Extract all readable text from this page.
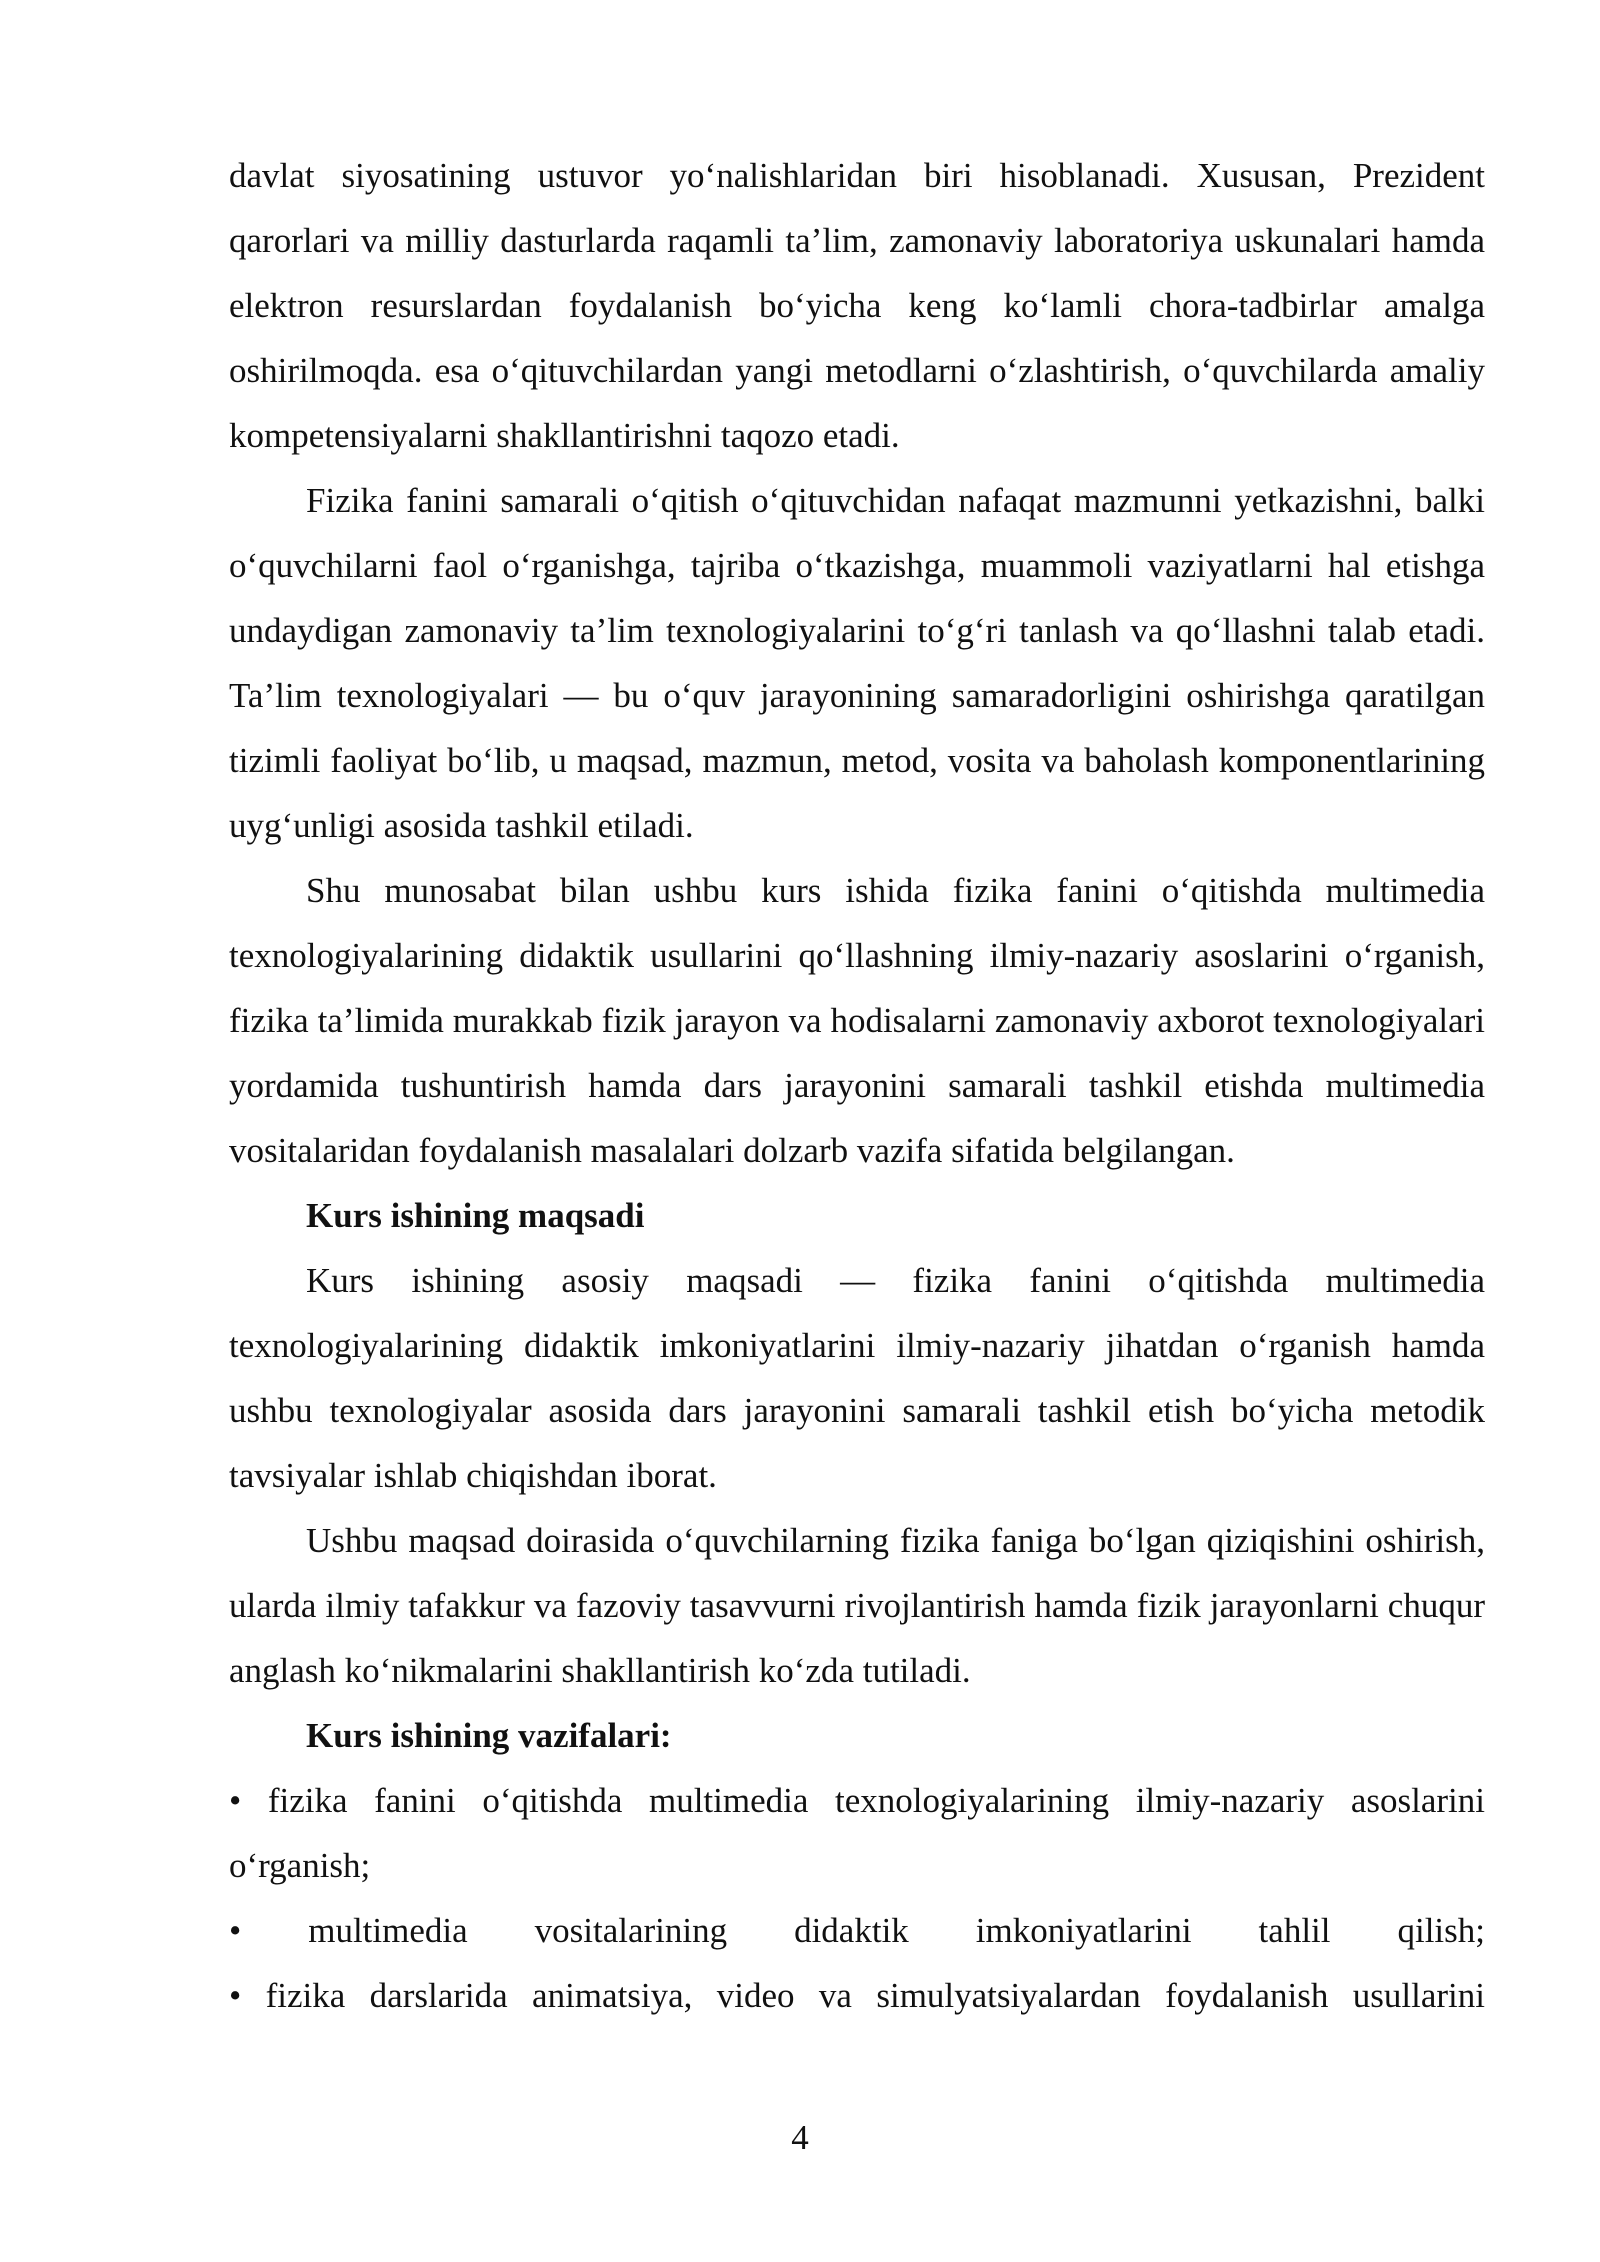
davlat siyosatining ustuvor yo‘nalishlaridan biri hisoblanadi. Xususan, Prezident qarorlari va milliy dasturlarda raqamli ta’lim, zamonaviy laboratoriya uskunalari hamda elektron resurslardan foydalanish bo‘yicha keng ko‘lamli chora-tadbirlar amalga oshirilmoqda. esa o‘qituvchilardan yangi metodlarni o‘zlashtirish, o‘quvchilarda amaliy kompetensiyalarni shakllantirishni taqozo etadi.

Fizika fanini samarali o‘qitish o‘qituvchidan nafaqat mazmunni yetkazishni, balki o‘quvchilarni faol o‘rganishga, tajriba o‘tkazishga, muammoli vaziyatlarni hal etishga undaydigan zamonaviy ta’lim texnologiyalarini to‘g‘ri tanlash va qo‘llashni talab etadi. Ta’lim texnologiyalari — bu o‘quv jarayonining samaradorligini oshirishga qaratilgan tizimli faoliyat bo‘lib, u maqsad, mazmun, metod, vosita va baholash komponentlarining uyg‘unligi asosida tashkil etiladi.

Shu munosabat bilan ushbu kurs ishida fizika fanini o‘qitishda multimedia texnologiyalarining didaktik usullarini qo‘llashning ilmiy-nazariy asoslarini o‘rganish, fizika ta’limida murakkab fizik jarayon va hodisalarni zamonaviy axborot texnologiyalari yordamida tushuntirish hamda dars jarayonini samarali tashkil etishda multimedia vositalaridan foydalanish masalalari dolzarb vazifa sifatida belgilangan.

Kurs ishining maqsadi

Kurs ishining asosiy maqsadi — fizika fanini o‘qitishda multimedia texnologiyalarining didaktik imkoniyatlarini ilmiy-nazariy jihatdan o‘rganish hamda ushbu texnologiyalar asosida dars jarayonini samarali tashkil etish bo‘yicha metodik tavsiyalar ishlab chiqishdan iborat.

Ushbu maqsad doirasida o‘quvchilarning fizika faniga bo‘lgan qiziqishini oshirish, ularda ilmiy tafakkur va fazoviy tasavvurni rivojlantirish hamda fizik jarayonlarni chuqur anglash ko‘nikmalarini shakllantirish ko‘zda tutiladi.

Kurs ishining vazifalari:

• fizika fanini o‘qitishda multimedia texnologiyalarining ilmiy-nazariy asoslarini o‘rganish;

• multimedia vositalarining didaktik imkoniyatlarini tahlil qilish;

• fizika darslarida animatsiya, video va simulyatsiyalardan foydalanish usullarini

4
